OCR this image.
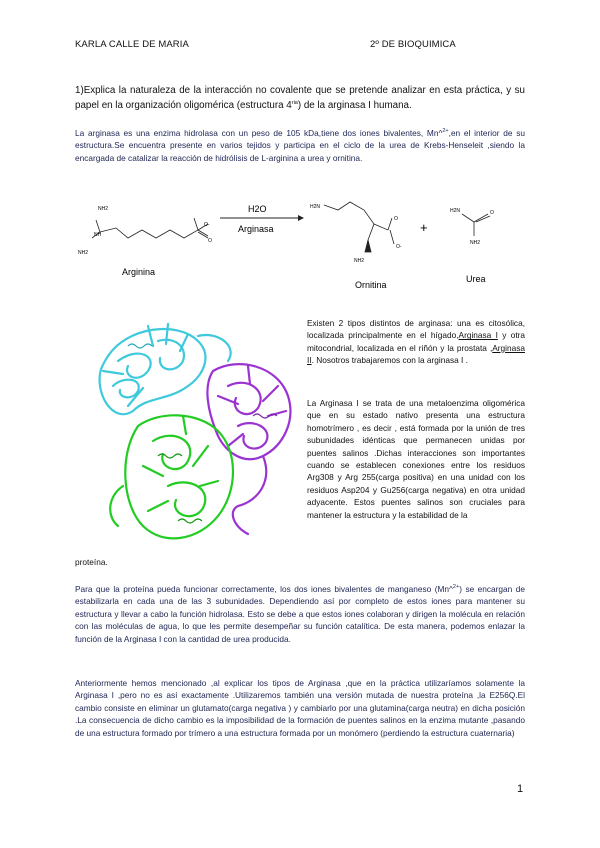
KARLA CALLE DE MARIA	2º DE BIOQUIMICA
1)Explica la naturaleza de la interacción no covalente que se pretende analizar en esta práctica, y su papel en la organización oligomérica (estructura $4^{ria}$) de la arginasa I humana.
La arginasa es una enzima hidrolasa con un peso de 105 kDa,tiene dos iones bivalentes, Mn^$^{2+}$,en el interior de su estructura.Se encuentra presente en varios tejidos y participa en el ciclo de la urea de Krebs-Henseleit ,siendo la encargada de catalizar la reacción de hidrólisis de L-arginina a urea y ornitina.
NH2
NH
NH2
O-
O
Arginina
H2O
Arginasa
H2N
O
O-
NH2
Ornitina
+
H2N	O
NH2
Urea
Existen 2 tipos distintos de arginasa: una es citosólica, localizada principalmente en el hígado,Arginasa I y otra mitocondrial, localizada en el riñón y la prostata ,Arginasa II. Nosotros trabajaremos con la arginasa I .
La Arginasa I se trata de una metaloenzima oligomérica que en su estado nativo presenta una estructura homotrímero , es decir , está formada por la unión de tres subunidades idénticas que permanecen unidas por puentes salinos .Dichas interacciones son importantes cuando se establecen conexiones entre los residuos Arg308 y Arg 255(carga positiva) en una unidad con los residuos Asp204 y Gu256(carga negativa) en otra unidad adyacente. Estos puentes salinos son cruciales para mantener la estructura y la estabilidad de la
proteína.
Para que la proteína pueda funcionar correctamente, los dos iones bivalentes de manganeso (Mn^$^{2+}$) se encargan de estabilizarla en cada una de las 3 subunidades. Dependiendo así por completo de estos iones para mantener su estructura y llevar a cabo la función hidrolasa. Esto se debe a que estos iones colaboran y dirigen la molécula en relación con las moléculas de agua, lo que les permite desempeñar su función catalítica. De esta manera, podemos enlazar la función de la Arginasa I con la cantidad de urea producida.
Anteriormente hemos mencionado ,al explicar los tipos de Arginasa ,que en la práctica utilizaríamos solamente la Arginasa I ,pero no es así exactamente .Utilizaremos también una versión mutada de nuestra proteína ,la E256Q.El cambio consiste en eliminar un glutamato(carga negativa ) y cambiarlo por una glutamina(carga neutra) en dicha posición .La consecuencia de dicho cambio es la imposibilidad de la formación de puentes salinos en la enzima mutante ,pasando de una estructura formado por trímero a una estructura formada por un monómero (perdiendo la estructura cuaternaria)
1
